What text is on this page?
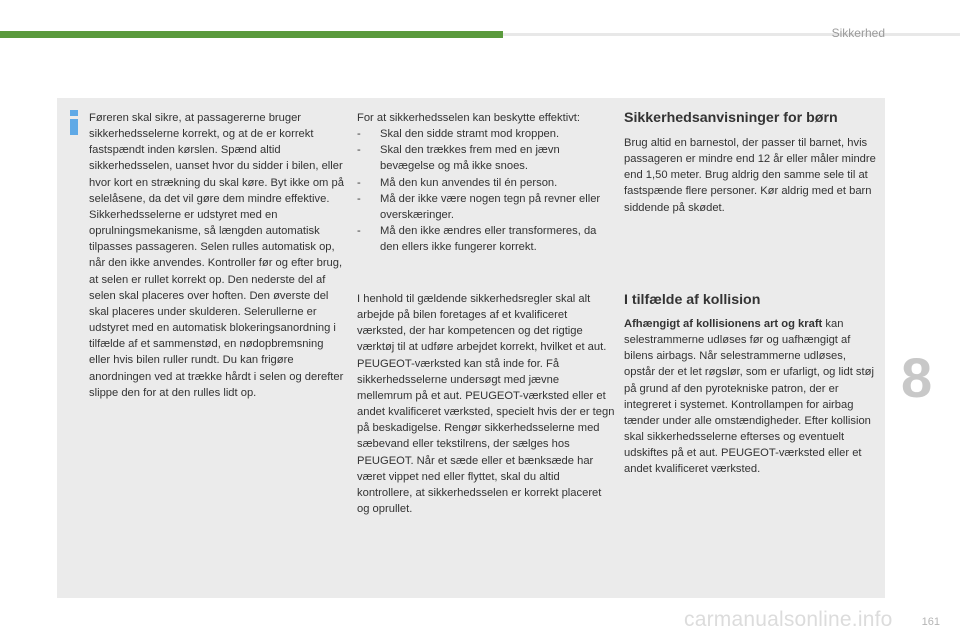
Sikkerhed

Føreren skal sikre, at passagererne bruger sikkerhedsselerne korrekt, og at de er korrekt fastspændt inden kørslen. Spænd altid sikkerhedsselen, uanset hvor du sidder i bilen, eller hvor kort en strækning du skal køre. Byt ikke om på selelåsene, da det vil gøre dem mindre effektive. Sikkerhedsselerne er udstyret med en oprulningsmekanisme, så længden automatisk tilpasses passageren. Selen rulles automatisk op, når den ikke anvendes. Kontroller før og efter brug, at selen er rullet korrekt op. Den nederste del af selen skal placeres over hoften. Den øverste del skal placeres under skulderen. Selerullerne er udstyret med en automatisk blokeringsanordning i tilfælde af et sammenstød, en nødopbremsning eller hvis bilen ruller rundt. Du kan frigøre anordningen ved at trække hårdt i selen og derefter slippe den for at den rulles lidt op.

For at sikkerhedsselen kan beskytte effektivt:

- Skal den sidde stramt mod kroppen.
- Skal den trækkes frem med en jævn bevægelse og må ikke snoes.
- Må den kun anvendes til én person.
- Må der ikke være nogen tegn på revner eller overskæringer.
- Må den ikke ændres eller transformeres, da den ellers ikke fungerer korrekt.
I henhold til gældende sikkerhedsregler skal alt arbejde på bilen foretages af et kvalificeret værksted, der har kompetencen og det rigtige værktøj til at udføre arbejdet korrekt, hvilket et aut. PEUGEOT-værksted kan stå inde for. Få sikkerhedsselerne undersøgt med jævne mellemrum på et aut. PEUGEOT-værksted eller et andet kvalificeret værksted, specielt hvis der er tegn på beskadigelse. Rengør sikkerhedsselerne med sæbevand eller tekstilrens, der sælges hos PEUGEOT. Når et sæde eller et bænksæde har været vippet ned eller flyttet, skal du altid kontrollere, at sikkerhedsselen er korrekt placeret og oprullet.
Sikkerhedsanvisninger for børn
Brug altid en barnestol, der passer til barnet, hvis passageren er mindre end 12 år eller måler mindre end 1,50 meter. Brug aldrig den samme sele til at fastspænde flere personer. Kør aldrig med et barn siddende på skødet.
I tilfælde af kollision
Afhængigt af kollisionens art og kraft kan selestrammerne udløses før og uafhængigt af bilens airbags. Når selestrammerne udløses, opstår der et let røgslør, som er ufarligt, og lidt støj på grund af den pyrotekniske patron, der er integreret i systemet. Kontrollampen for airbag tænder under alle omstændigheder. Efter kollision skal sikkerhedsselerne efterses og eventuelt udskiftes på et aut. PEUGEOT-værksted eller et andet kvalificeret værksted.
8
carmanualsonline.info	161
